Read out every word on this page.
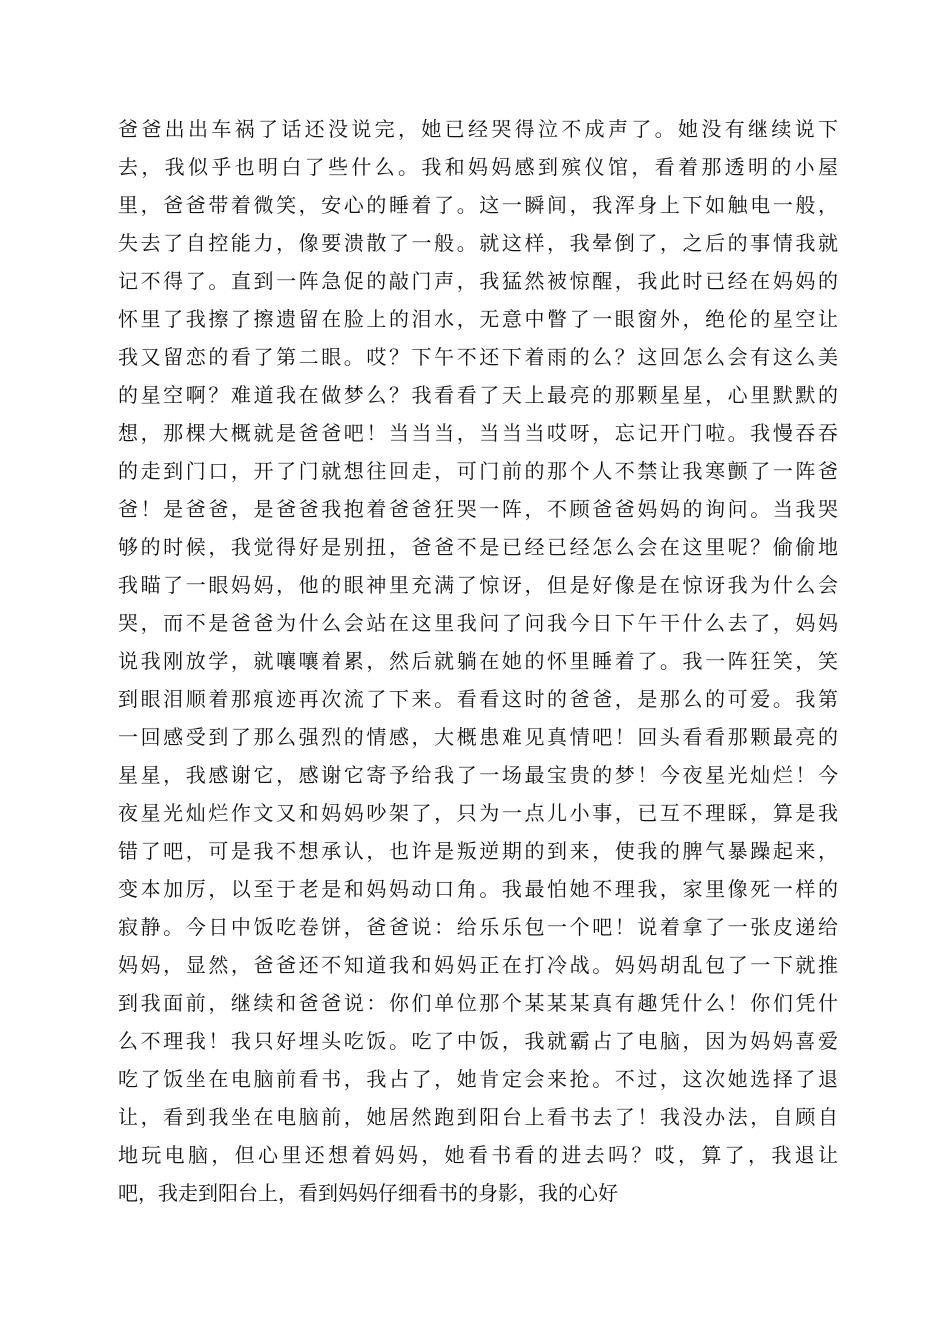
爸爸出出车祸了话还没说完，她已经哭得泣不成声了。她没有继续说下
去，我似乎也明白了些什么。我和妈妈感到殡仪馆，看着那透明的小屋
里，爸爸带着微笑，安心的睡着了。这一瞬间，我浑身上下如触电一般，
失去了自控能力，像要溃散了一般。就这样，我晕倒了，之后的事情我就
记不得了。直到一阵急促的敲门声，我猛然被惊醒，我此时已经在妈妈的
怀里了我擦了擦遗留在脸上的泪水，无意中瞥了一眼窗外，绝伦的星空让
我又留恋的看了第二眼。哎？下午不还下着雨的么？这回怎么会有这么美
的星空啊？难道我在做梦么？我看看了天上最亮的那颗星星，心里默默的
想，那棵大概就是爸爸吧！当当当，当当当哎呀，忘记开门啦。我慢吞吞
的走到门口，开了门就想往回走，可门前的那个人不禁让我寒颤了一阵爸
爸！是爸爸，是爸爸我抱着爸爸狂哭一阵，不顾爸爸妈妈的询问。当我哭
够的时候，我觉得好是别扭，爸爸不是已经已经怎么会在这里呢？偷偷地
我瞄了一眼妈妈，他的眼神里充满了惊讶，但是好像是在惊讶我为什么会
哭，而不是爸爸为什么会站在这里我问了问我今日下午干什么去了，妈妈
说我刚放学，就嚷嚷着累，然后就躺在她的怀里睡着了。我一阵狂笑，笑
到眼泪顺着那痕迹再次流了下来。看看这时的爸爸，是那么的可爱。我第
一回感受到了那么强烈的情感，大概患难见真情吧！回头看看那颗最亮的
星星，我感谢它，感谢它寄予给我了一场最宝贵的梦！今夜星光灿烂！今
夜星光灿烂作文又和妈妈吵架了，只为一点儿小事，已互不理睬，算是我
错了吧，可是我不想承认，也许是叛逆期的到来，使我的脾气暴躁起来，
变本加厉，以至于老是和妈妈动口角。我最怕她不理我，家里像死一样的
寂静。今日中饭吃卷饼，爸爸说：给乐乐包一个吧！说着拿了一张皮递给
妈妈，显然，爸爸还不知道我和妈妈正在打冷战。妈妈胡乱包了一下就推
到我面前，继续和爸爸说：你们单位那个某某某真有趣凭什么！你们凭什
么不理我！我只好埋头吃饭。吃了中饭，我就霸占了电脑，因为妈妈喜爱
吃了饭坐在电脑前看书，我占了，她肯定会来抢。不过，这次她选择了退
让，看到我坐在电脑前，她居然跑到阳台上看书去了！我没办法，自顾自
地玩电脑，但心里还想着妈妈，她看书看的进去吗？哎，算了，我退让
吧，我走到阳台上，看到妈妈仔细看书的身影，我的心好
